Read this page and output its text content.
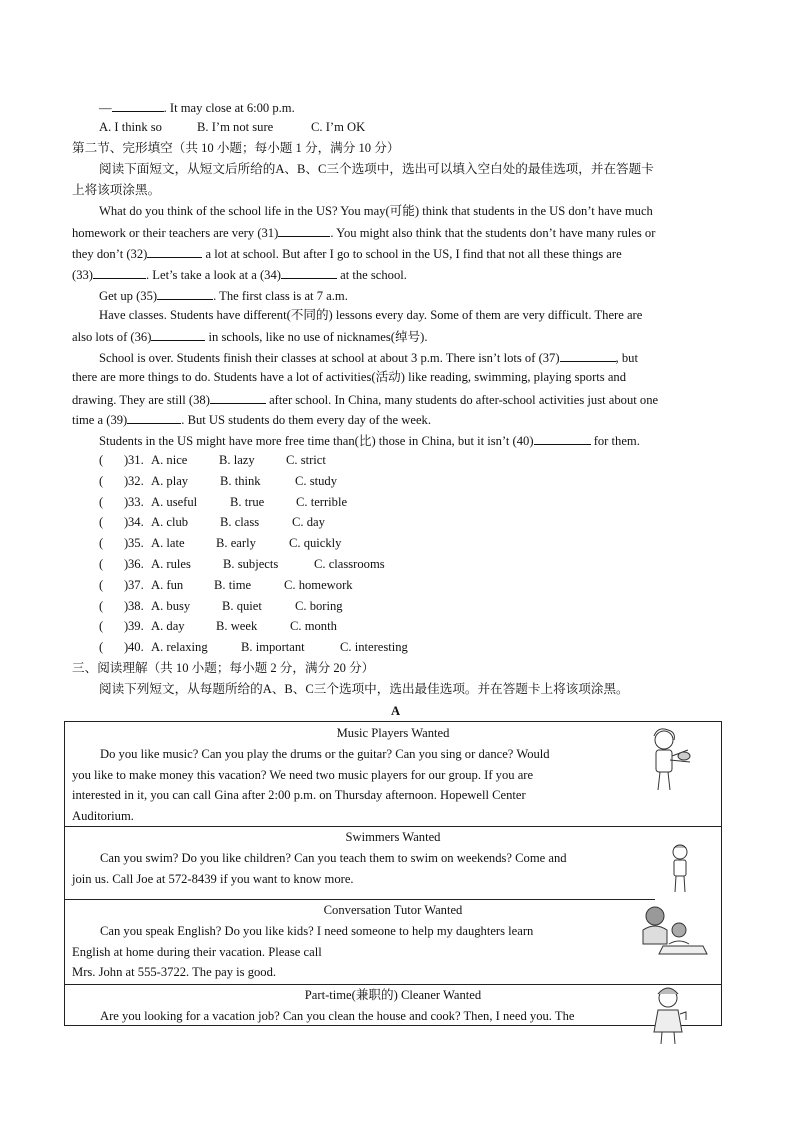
—	. It may close at 6:00 p.m.
A. I think so	B. I’m not sure	C. I’m OK
第二节、完形填空（共 10 小题；每小题 1 分，满分 10 分）
阅读下面短文，从短文后所给的A、B、C三个选项中，选出可以填入空白处的最佳选项，并在答题卡
上将该项涂黑。
What do you think of the school life in the US? You may(可能) think that students in the US don’t have much
homework or their teachers are very (31)	. You might also think that the students don’t have many rules or
they don’t (32)	a lot at school. But after I go to school in the US, I find that not all these things are
(33)	. Let’s take a look at a (34)	at the school.
Get up (35)	. The first class is at 7 a.m.
Have classes. Students have different(不同的) lessons every day. Some of them are very difficult. There are
also lots of (36)	in schools, like no use of nicknames(绰号).
School is over. Students finish their classes at school at about 3 p.m. There isn’t lots of (37)	, but
there are more things to do. Students have a lot of activities(活动) like reading, swimming, playing sports and
drawing. They are still (38)	after school. In China, many students do after-school activities just about one
time a (39)	. But US students do them every day of the week.
Students in the US might have more free time than(比) those in China, but it isn’t (40)	for them.
( ) 31. A. nice	B. lazy C. strict
( ) 32. A. play	B. think	C. study
( ) 33. A. useful	B. true	C. terrible
( ) 34. A. club	B. class	C. day
( ) 35. A. late B. early	C. quickly
( ) 36. A. rules	B. subjects	C. classrooms
( ) 37. A. fun B. time	C. homework
( ) 38. A. busy	B. quiet	C. boring
( ) 39. A. day B. week	C. month
( ) 40. A. relaxing	B. important	C. interesting
三、阅读理解（共 10 小题；每小题 2 分，满分 20 分）
阅读下列短文，从每题所给的A、B、C三个选项中，选出最佳选项。并在答题卡上将该项涂黑。
A
Music Players Wanted
Do you like music? Can you play the drums or the guitar? Can you sing or dance? Would
you like to make money this vacation? We need two music players for our group. If you are
interested in it, you can call Gina after 2:00 p.m. on Thursday afternoon. Hopewell Center
Auditorium.
Swimmers Wanted
Can you swim? Do you like children? Can you teach them to swim on weekends? Come and
join us. Call Joe at 572-8439 if you want to know more.
Conversation Tutor Wanted
Can you speak English? Do you like kids? I need someone to help my daughters learn
English at home during their vacation. Please call
Mrs. John at 555-3722. The pay is good.
Part-time(兼职的) Cleaner Wanted
Are you looking for a vacation job? Can you clean the house and cook? Then, I need you. The
